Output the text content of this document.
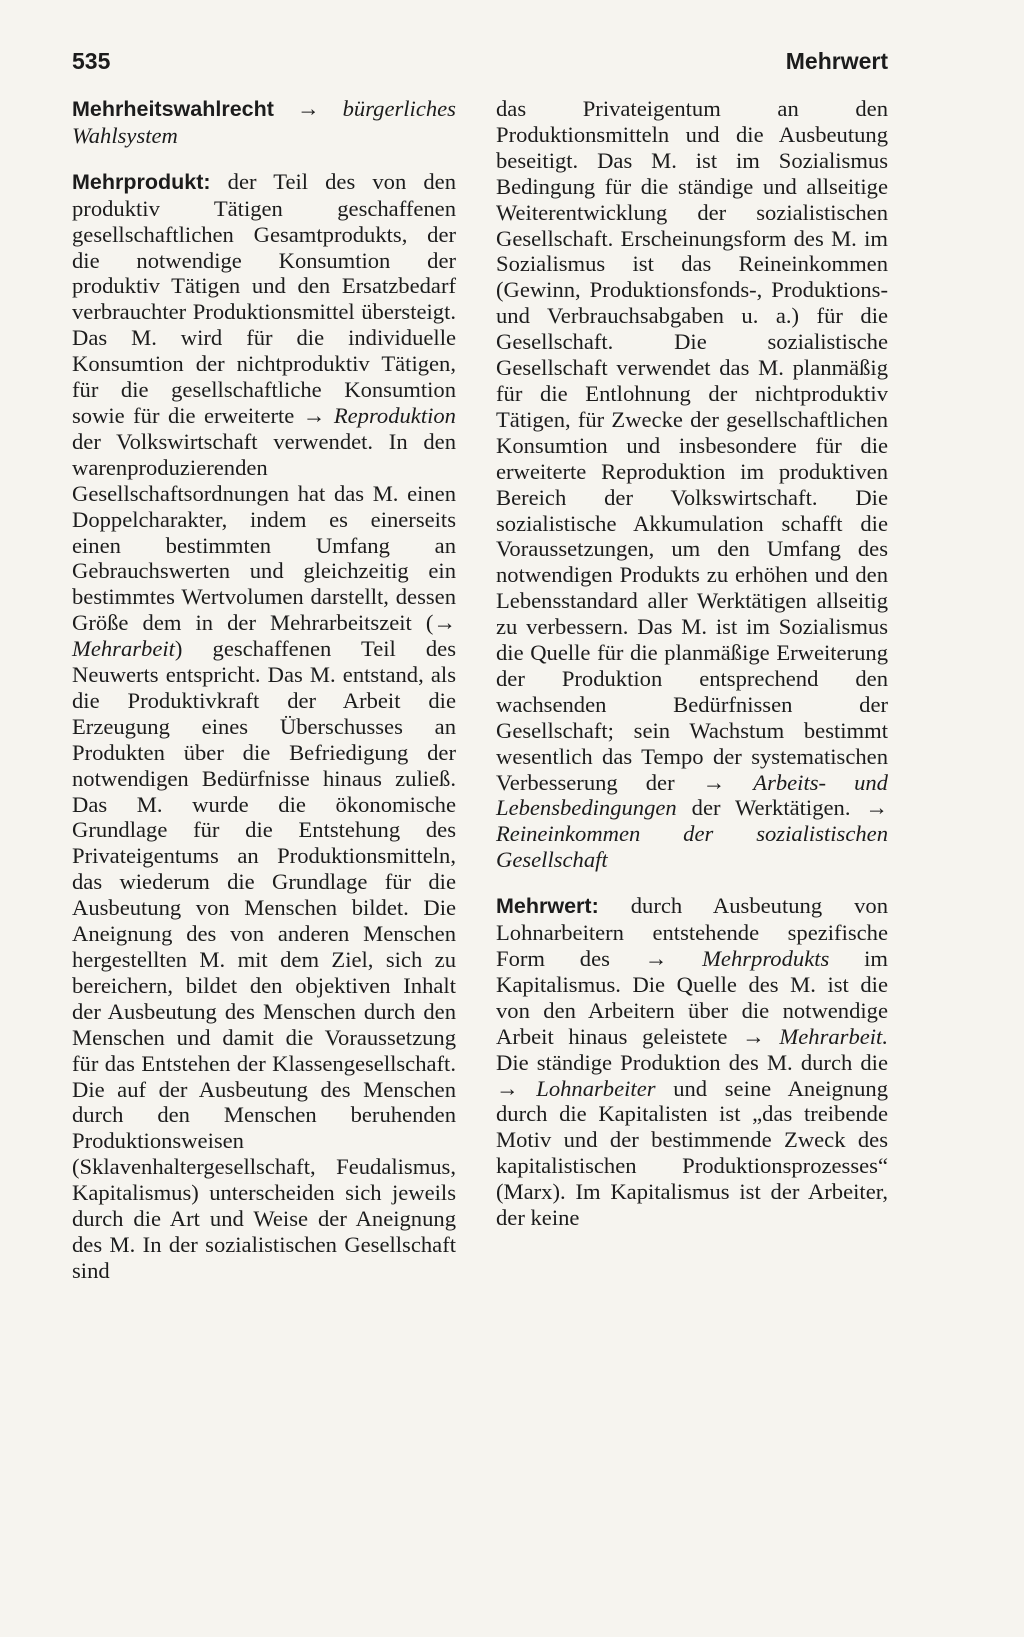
535	Mehrwert

Mehrheitswahlrecht → bürgerliches Wahlsystem

Mehrprodukt: der Teil des von den produktiv Tätigen geschaffenen gesellschaftlichen Gesamtprodukts, der die notwendige Konsumtion der produktiv Tätigen und den Ersatzbedarf verbrauchter Produktionsmittel übersteigt. Das M. wird für die individuelle Konsumtion der nichtproduktiv Tätigen, für die gesellschaftliche Konsumtion sowie für die erweiterte → Reproduktion der Volkswirtschaft verwendet. In den warenproduzierenden Gesellschaftsordnungen hat das M. einen Doppelcharakter, indem es einerseits einen bestimmten Umfang an Gebrauchswerten und gleichzeitig ein bestimmtes Wertvolumen darstellt, dessen Größe dem in der Mehrarbeitszeit (→ Mehrarbeit) geschaffenen Teil des Neuwerts entspricht. Das M. entstand, als die Produktivkraft der Arbeit die Erzeugung eines Überschusses an Produkten über die Befriedigung der notwendigen Bedürfnisse hinaus zuließ. Das M. wurde die ökonomische Grundlage für die Entstehung des Privateigentums an Produktionsmitteln, das wiederum die Grundlage für die Ausbeutung von Menschen bildet. Die Aneignung des von anderen Menschen hergestellten M. mit dem Ziel, sich zu bereichern, bildet den objektiven Inhalt der Ausbeutung des Menschen durch den Menschen und damit die Voraussetzung für das Entstehen der Klassengesellschaft. Die auf der Ausbeutung des Menschen durch den Menschen beruhenden Produktionsweisen (Sklavenhaltergesellschaft, Feudalismus, Kapitalismus) unterscheiden sich jeweils durch die Art und Weise der Aneignung des M. In der sozialistischen Gesellschaft sind

das Privateigentum an den Produktionsmitteln und die Ausbeutung beseitigt. Das M. ist im Sozialismus Bedingung für die ständige und allseitige Weiterentwicklung der sozialistischen Gesellschaft. Erscheinungsform des M. im Sozialismus ist das Reineinkommen (Gewinn, Produktionsfonds-, Produktions- und Verbrauchsabgaben u. a.) für die Gesellschaft. Die sozialistische Gesellschaft verwendet das M. planmäßig für die Entlohnung der nichtproduktiv Tätigen, für Zwecke der gesellschaftlichen Konsumtion und insbesondere für die erweiterte Reproduktion im produktiven Bereich der Volkswirtschaft. Die sozialistische Akkumulation schafft die Voraussetzungen, um den Umfang des notwendigen Produkts zu erhöhen und den Lebensstandard aller Werktätigen allseitig zu verbessern. Das M. ist im Sozialismus die Quelle für die planmäßige Erweiterung der Produktion entsprechend den wachsenden Bedürfnissen der Gesellschaft; sein Wachstum bestimmt wesentlich das Tempo der systematischen Verbesserung der → Arbeits- und Lebensbedingungen der Werktätigen. → Reineinkommen der sozialistischen Gesellschaft

Mehrwert: durch Ausbeutung von Lohnarbeitern entstehende spezifische Form des → Mehrprodukts im Kapitalismus. Die Quelle des M. ist die von den Arbeitern über die notwendige Arbeit hinaus geleistete → Mehrarbeit. Die ständige Produktion des M. durch die → Lohnarbeiter und seine Aneignung durch die Kapitalisten ist „das treibende Motiv und der bestimmende Zweck des kapitalistischen Produktionsprozesses“ (Marx). Im Kapitalismus ist der Arbeiter, der keine
